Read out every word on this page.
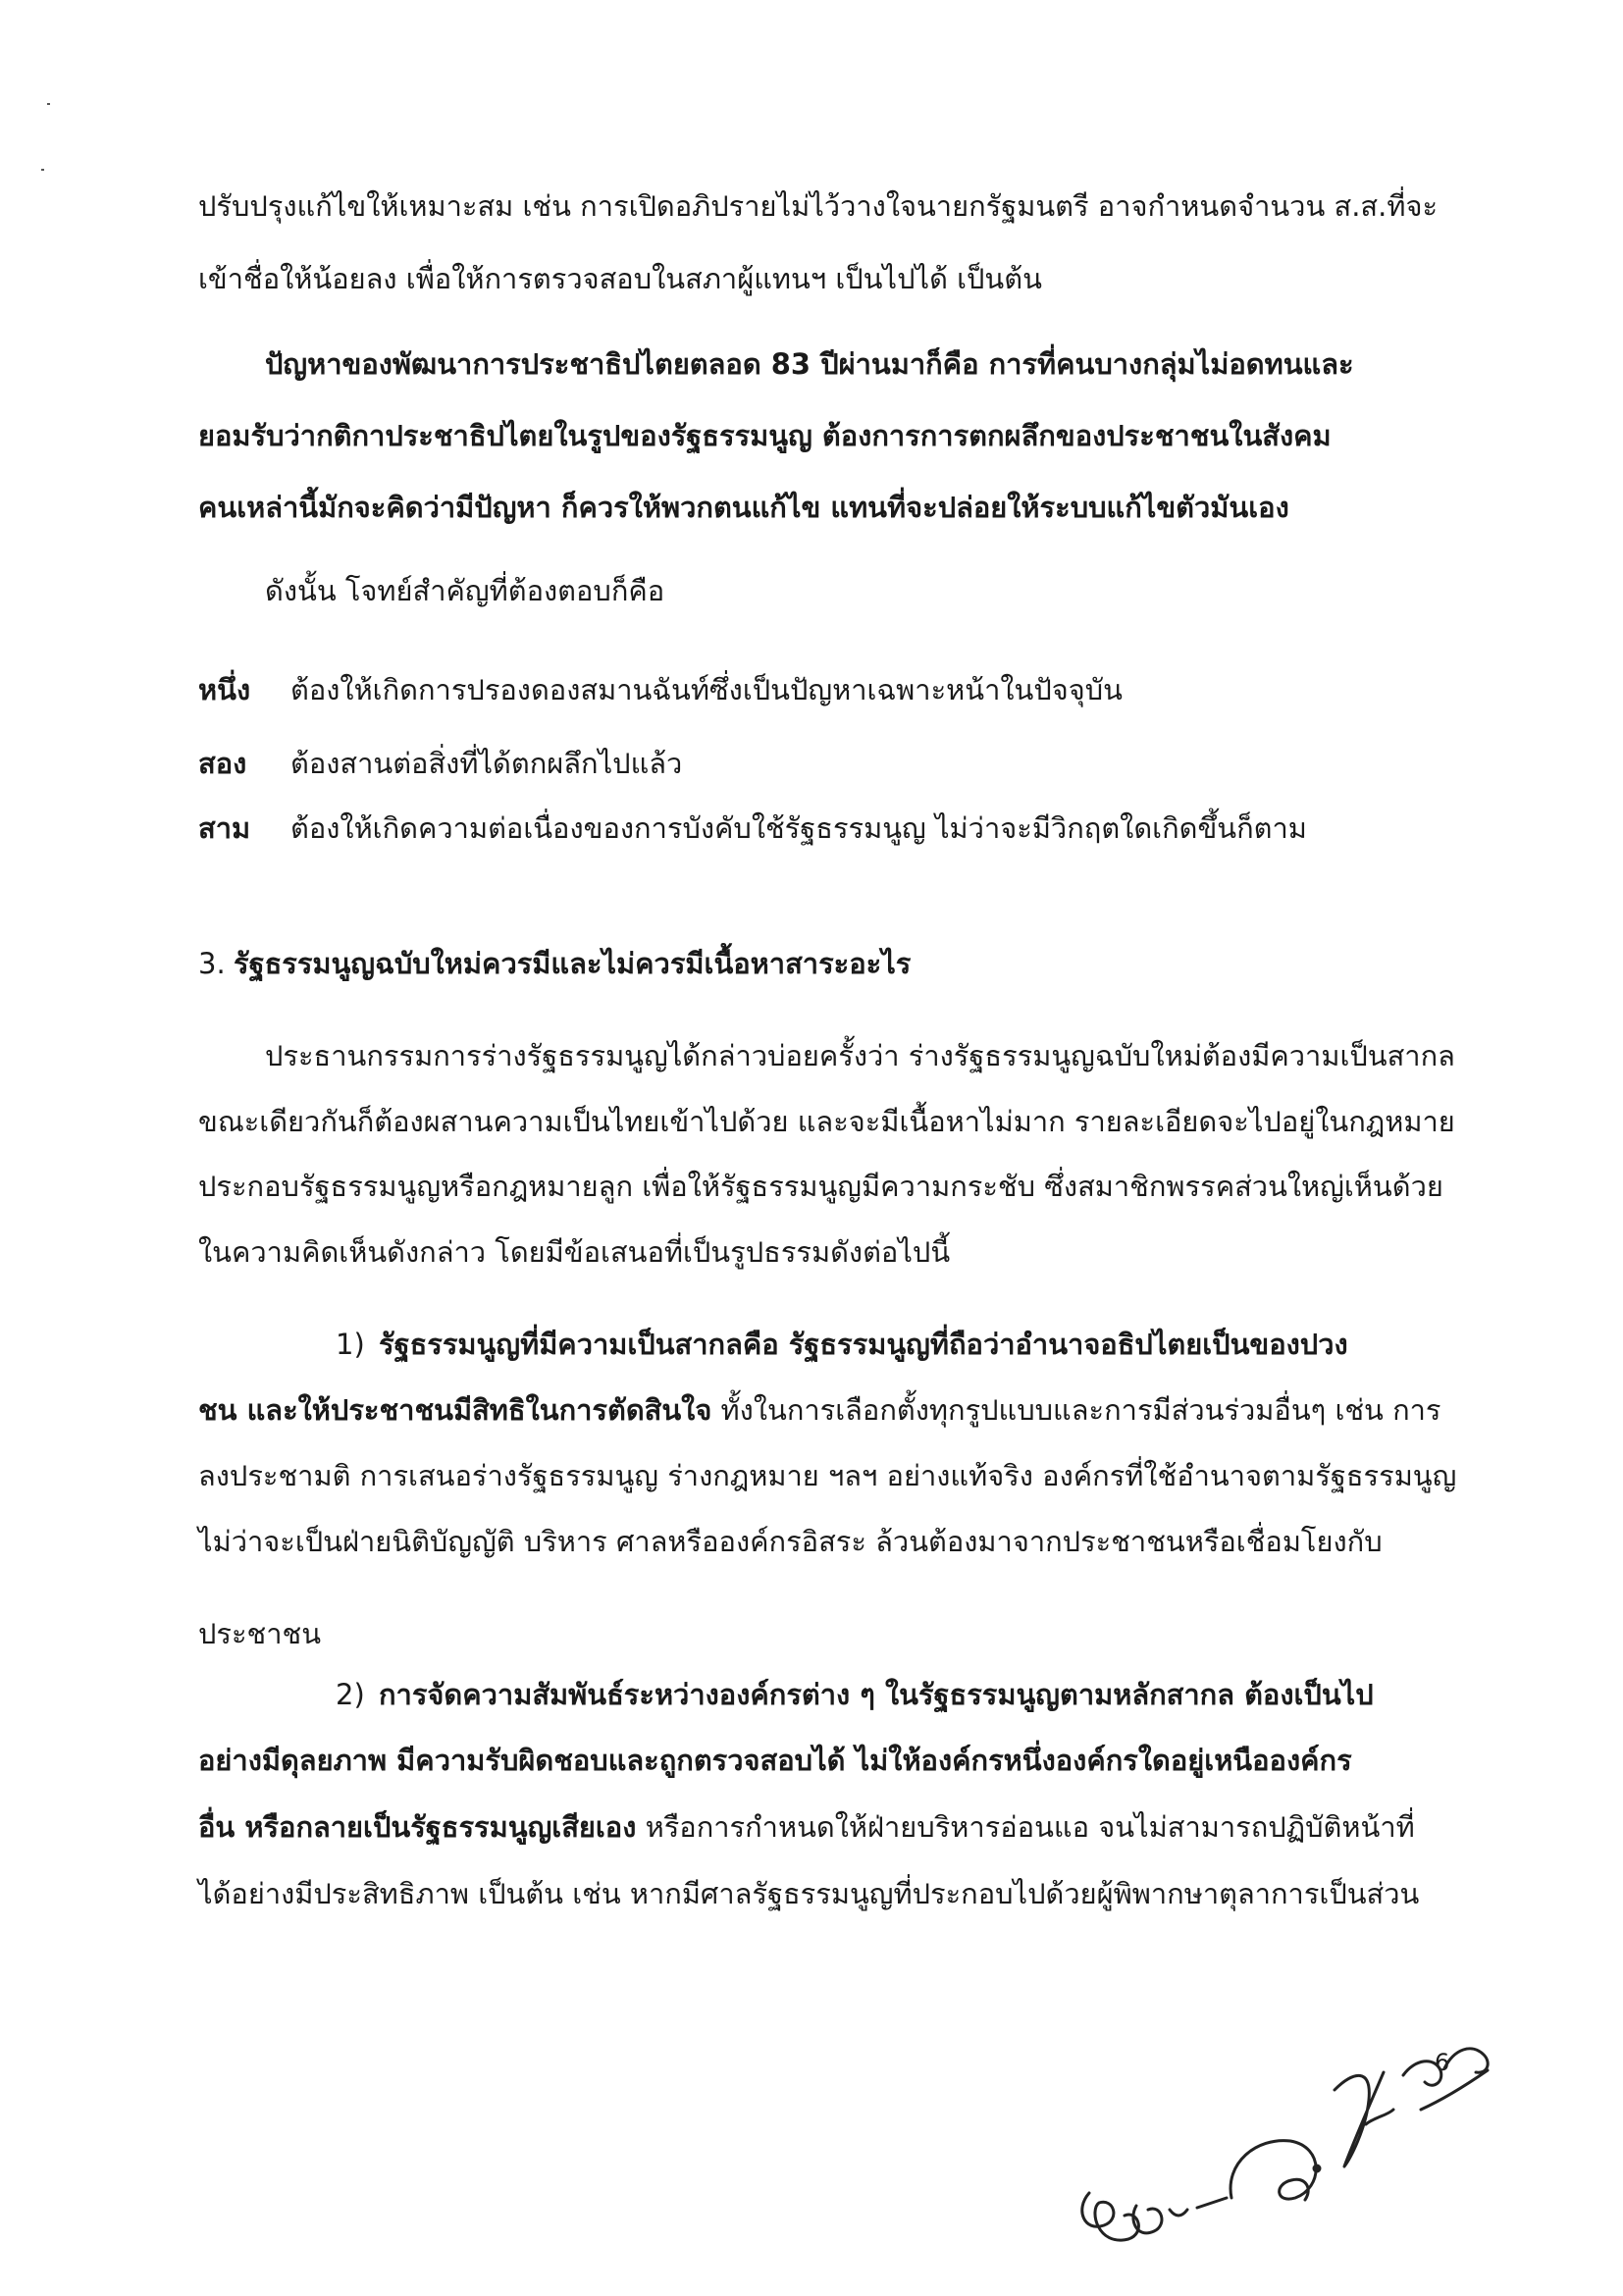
ปรับปรุงแก้ไขให้เหมาะสม เช่น การเปิดอภิปรายไม่ไว้วางใจนายกรัฐมนตรี อาจกำหนดจำนวน ส.ส.ที่จะ
เข้าชื่อให้น้อยลง เพื่อให้การตรวจสอบในสภาผู้แทนฯ เป็นไปได้ เป็นต้น
ปัญหาของพัฒนาการประชาธิปไตยตลอด 83 ปีผ่านมาก็คือ การที่คนบางกลุ่มไม่อดทนและ
ยอมรับว่ากติกาประชาธิปไตยในรูปของรัฐธรรมนูญ ต้องการการตกผลึกของประชาชนในสังคม
คนเหล่านี้มักจะคิดว่ามีปัญหา ก็ควรให้พวกตนแก้ไข แทนที่จะปล่อยให้ระบบแก้ไขตัวมันเอง
ดังนั้น โจทย์สำคัญที่ต้องตอบก็คือ
หนึ่ง ต้องให้เกิดการปรองดองสมานฉันท์ซึ่งเป็นปัญหาเฉพาะหน้าในปัจจุบัน
สอง ต้องสานต่อสิ่งที่ได้ตกผลึกไปแล้ว
สาม ต้องให้เกิดความต่อเนื่องของการบังคับใช้รัฐธรรมนูญ ไม่ว่าจะมีวิกฤตใดเกิดขึ้นก็ตาม
3. รัฐธรรมนูญฉบับใหม่ควรมีและไม่ควรมีเนื้อหาสาระอะไร
ประธานกรรมการร่างรัฐธรรมนูญได้กล่าวบ่อยครั้งว่า ร่างรัฐธรรมนูญฉบับใหม่ต้องมีความเป็นสากล
ขณะเดียวกันก็ต้องผสานความเป็นไทยเข้าไปด้วย และจะมีเนื้อหาไม่มาก รายละเอียดจะไปอยู่ในกฎหมาย
ประกอบรัฐธรรมนูญหรือกฎหมายลูก เพื่อให้รัฐธรรมนูญมีความกระชับ ซึ่งสมาชิกพรรคส่วนใหญ่เห็นด้วย
ในความคิดเห็นดังกล่าว โดยมีข้อเสนอที่เป็นรูปธรรมดังต่อไปนี้
1) รัฐธรรมนูญที่มีความเป็นสากลคือ รัฐธรรมนูญที่ถือว่าอำนาจอธิปไตยเป็นของปวง
ชน และให้ประชาชนมีสิทธิในการตัดสินใจ ทั้งในการเลือกตั้งทุกรูปแบบและการมีส่วนร่วมอื่นๆ เช่น การ
ลงประชามติ การเสนอร่างรัฐธรรมนูญ ร่างกฎหมาย ฯลฯ อย่างแท้จริง องค์กรที่ใช้อำนาจตามรัฐธรรมนูญ
ไม่ว่าจะเป็นฝ่ายนิติบัญญัติ บริหาร ศาลหรือองค์กรอิสระ ล้วนต้องมาจากประชาชนหรือเชื่อมโยงกับ
ประชาชน
2) การจัดความสัมพันธ์ระหว่างองค์กรต่าง ๆ ในรัฐธรรมนูญตามหลักสากล ต้องเป็นไป
อย่างมีดุลยภาพ มีความรับผิดชอบและถูกตรวจสอบได้ ไม่ให้องค์กรหนึ่งองค์กรใดอยู่เหนือองค์กร
อื่น หรือกลายเป็นรัฐธรรมนูญเสียเอง หรือการกำหนดให้ฝ่ายบริหารอ่อนแอ จนไม่สามารถปฏิบัติหน้าที่
ได้อย่างมีประสิทธิภาพ เป็นต้น เช่น หากมีศาลรัฐธรรมนูญที่ประกอบไปด้วยผู้พิพากษาตุลาการเป็นส่วน
6
